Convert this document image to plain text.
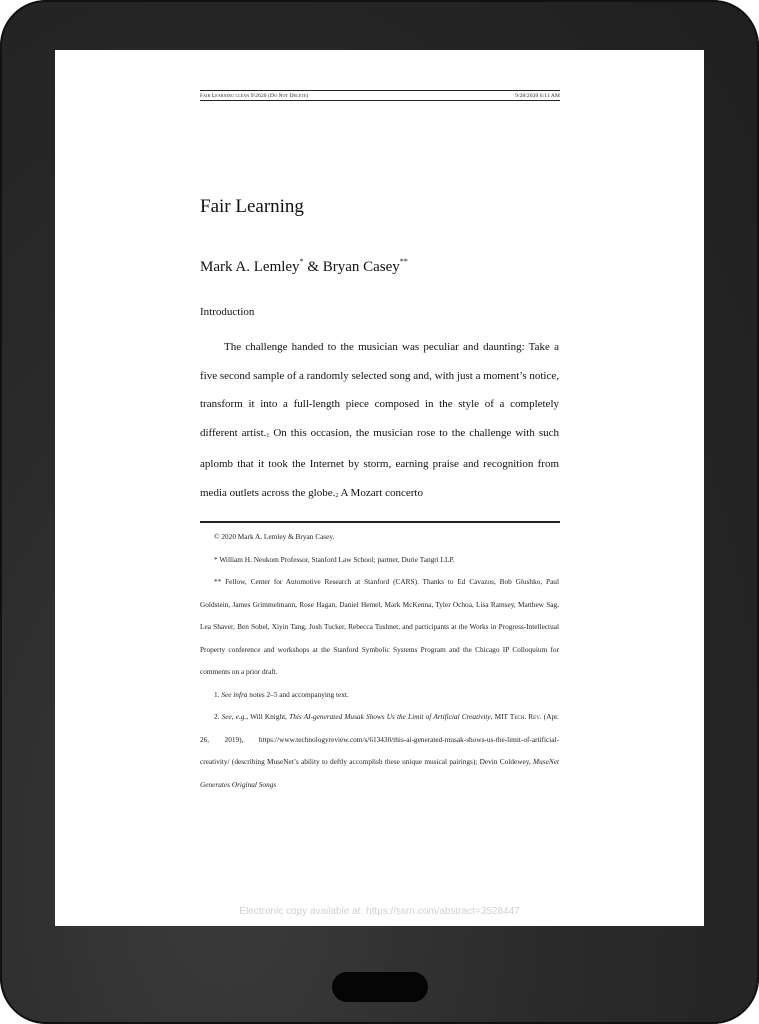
Fair Learning clean 9/2620 (Do Not Delete)	9/28/2020 6:11 AM
Fair Learning
Mark A. Lemley* & Bryan Casey**
Introduction

The challenge handed to the musician was peculiar and daunting: Take a five second sample of a randomly selected song and, with just a moment’s notice, transform it into a full-length piece composed in the style of a completely different $artist._1$ On this occasion, the musician rose to the challenge with such aplomb that it took the Internet by storm, earning praise and recognition from media outlets across the $globe._2$ A Mozart concerto

© 2020 Mark A. Lemley & Bryan Casey.

* William H. Neukom Professor, Stanford Law School; partner, Durie Tangri LLP.

** Fellow, Center for Automotive Research at Stanford (CARS). Thanks to Ed Cavazos, Bob Glushko, Paul Goldstein, James Grimmelmann, Rose Hagan, Daniel Hemel, Mark McKenna, Tyler Ochoa, Lisa Ramsey, Matthew Sag, Lea Shaver, Ben Sobel, Xiyin Tang, Josh Tucker, Rebecca Tushnet, and participants at the Works in Progress-Intellectual Property conference and workshops at the Stanford Symbolic Systems Program and the Chicago IP Colloquium for comments on a prior draft.

1. See infra notes 2–5 and accompanying text.

2. See, e.g., Will Knight, This AI-generated Musak Shows Us the Limit of Artificial Creativity, MIT Tech. Rev. (Apr. 26, 2019), https://www.technologyreview.com/s/613430/this-ai-generated-musak-shows-us-the-limit-of-artificial-creativity/ (describing MuseNet’s ability to deftly accomplish these unique musical pairings); Devin Coldewey, MuseNet Generates Original Songs

Electronic copy available at: https://ssrn.com/abstract=3528447
